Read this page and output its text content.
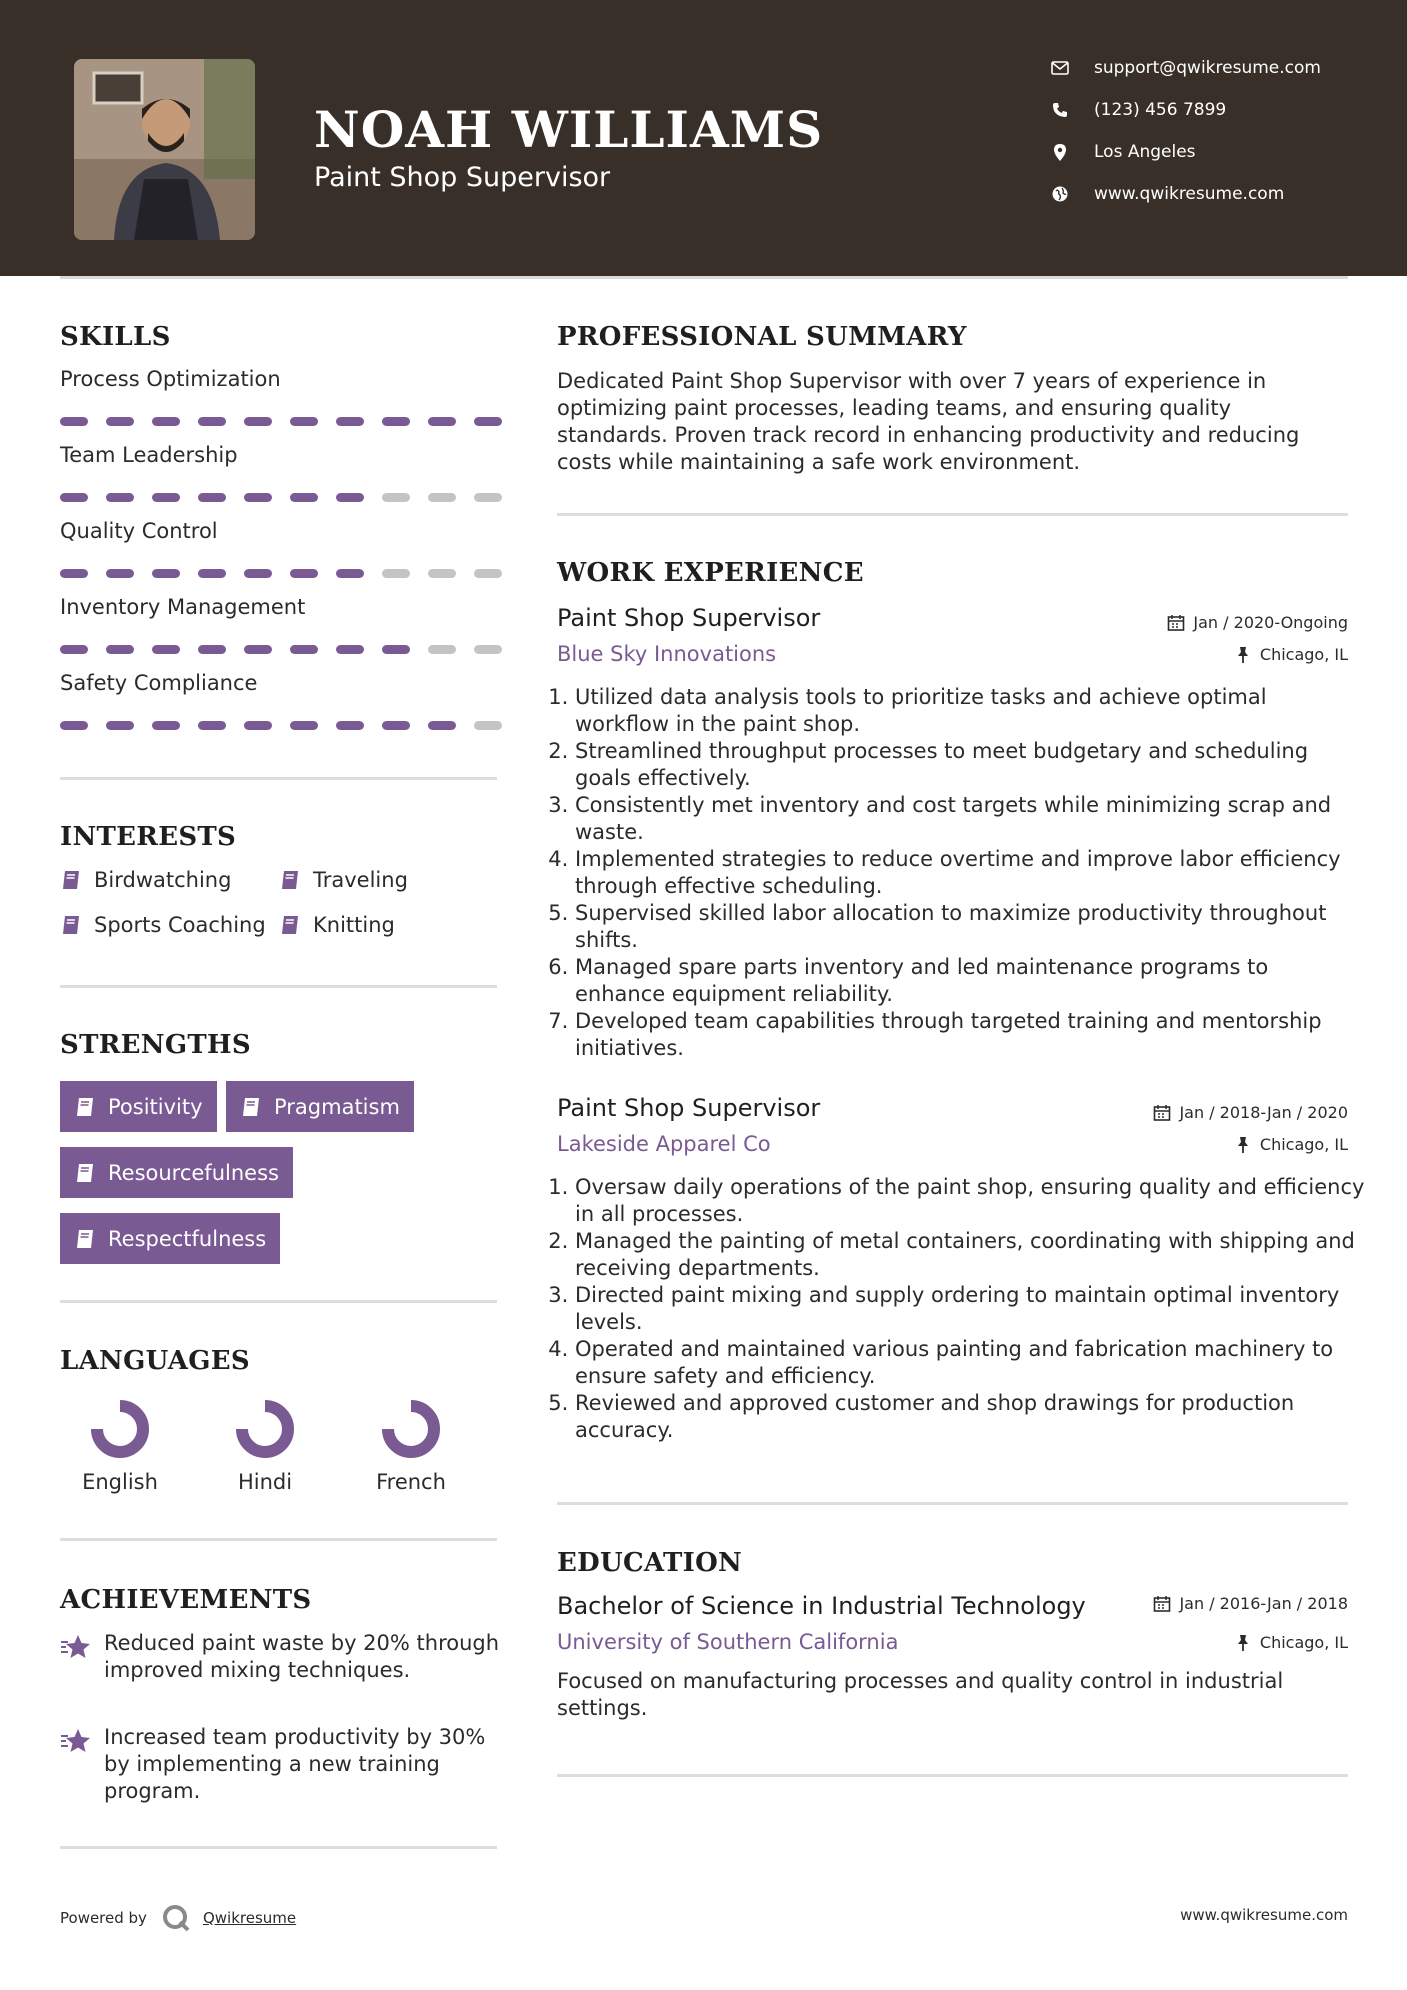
NOAH WILLIAMS
Paint Shop Supervisor
support@qwikresume.com
(123) 456 7899
Los Angeles
www.qwikresume.com
SKILLS
Process Optimization
Team Leadership
Quality Control
Inventory Management
Safety Compliance
INTERESTS
Birdwatching	Traveling
Sports Coaching Knitting
STRENGTHS
Positivity	Pragmatism
Resourcefulness
Respectfulness
LANGUAGES
English	Hindi	French
ACHIEVEMENTS
Reduced paint waste by 20% through improved mixing techniques.
Increased team productivity by 30% by implementing a new training program.
PROFESSIONAL SUMMARY
Dedicated Paint Shop Supervisor with over 7 years of experience in optimizing paint processes, leading teams, and ensuring quality standards. Proven track record in enhancing productivity and reducing costs while maintaining a safe work environment.
WORK EXPERIENCE
Paint Shop Supervisor	Jan / 2020-Ongoing
Blue Sky Innovations	Chicago, IL
1. Utilized data analysis tools to prioritize tasks and achieve optimal workflow in the paint shop.
2. Streamlined throughput processes to meet budgetary and scheduling goals effectively.
3. Consistently met inventory and cost targets while minimizing scrap and waste.
4. Implemented strategies to reduce overtime and improve labor efficiency through effective scheduling.
5. Supervised skilled labor allocation to maximize productivity throughout shifts.
6. Managed spare parts inventory and led maintenance programs to enhance equipment reliability.
7. Developed team capabilities through targeted training and mentorship initiatives.
Paint Shop Supervisor	Jan / 2018-Jan / 2020
Lakeside Apparel Co	Chicago, IL
1. Oversaw daily operations of the paint shop, ensuring quality and efficiency in all processes.
2. Managed the painting of metal containers, coordinating with shipping and receiving departments.
3. Directed paint mixing and supply ordering to maintain optimal inventory levels.
4. Operated and maintained various painting and fabrication machinery to ensure safety and efficiency.
5. Reviewed and approved customer and shop drawings for production accuracy.
EDUCATION
Bachelor of Science in Industrial Technology	Jan / 2016-Jan / 2018
University of Southern California	Chicago, IL
Focused on manufacturing processes and quality control in industrial settings.
Powered by	Qwikresume	www.qwikresume.com
